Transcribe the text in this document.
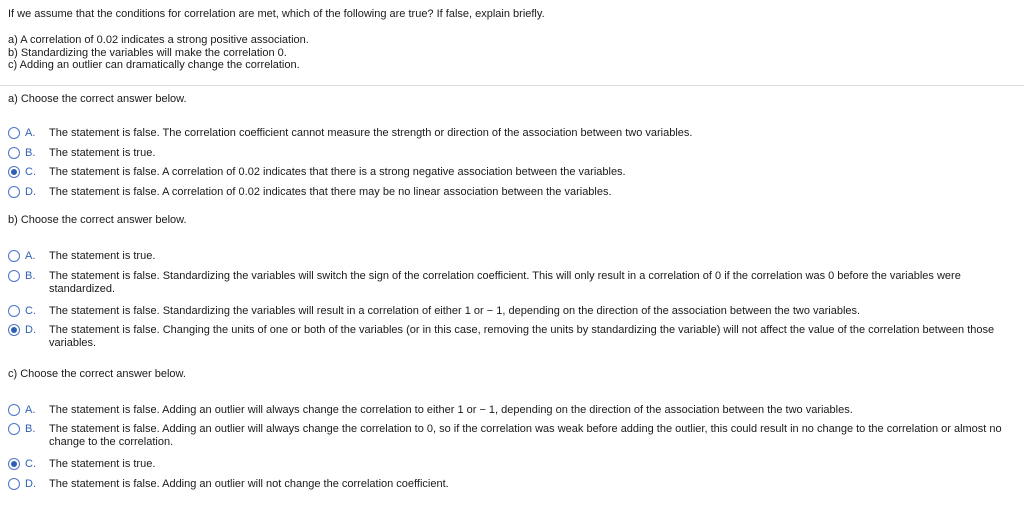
If we assume that the conditions for correlation are met, which of the following are true? If false, explain briefly.
a) A correlation of 0.02 indicates a strong positive association.
b) Standardizing the variables will make the correlation 0.
c) Adding an outlier can dramatically change the correlation.
a) Choose the correct answer below.
A.	The statement is false. The correlation coefficient cannot measure the strength or direction of the association between two variables.
B.	The statement is true.
C.	The statement is false. A correlation of 0.02 indicates that there is a strong negative association between the variables.
D.	The statement is false. A correlation of 0.02 indicates that there may be no linear association between the variables.
b) Choose the correct answer below.
A.	The statement is true.
B.	The statement is false. Standardizing the variables will switch the sign of the correlation coefficient. This will only result in a correlation of 0 if the correlation was 0 before the variables were standardized.
C.	The statement is false. Standardizing the variables will result in a correlation of either 1 or − 1, depending on the direction of the association between the two variables.
D.	The statement is false. Changing the units of one or both of the variables (or in this case, removing the units by standardizing the variable) will not affect the value of the correlation between those variables.
c) Choose the correct answer below.
A.	The statement is false. Adding an outlier will always change the correlation to either 1 or − 1, depending on the direction of the association between the two variables.
B.	The statement is false. Adding an outlier will always change the correlation to 0, so if the correlation was weak before adding the outlier, this could result in no change to the correlation or almost no change to the correlation.
C.	The statement is true.
D.	The statement is false. Adding an outlier will not change the correlation coefficient.
